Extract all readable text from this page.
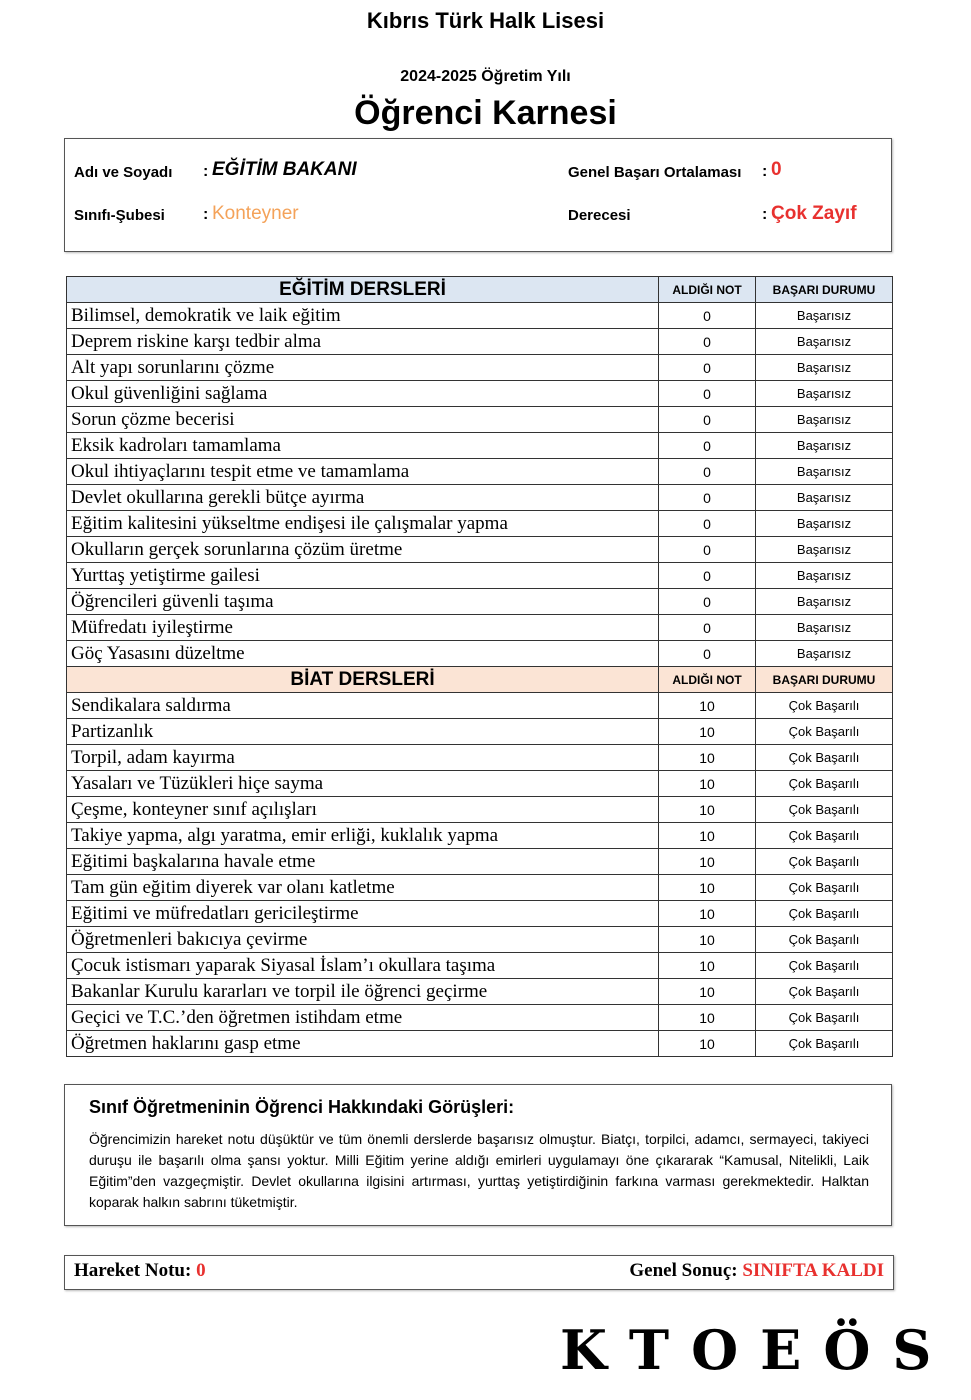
Kıbrıs Türk Halk Lisesi
2024-2025 Öğretim Yılı
Öğrenci Karnesi
Adı ve Soyadı : EĞİTİM BAKANI
Sınıfı-Şubesi : Konteyner
Genel Başarı Ortalaması : 0
Derecesi	: Çok Zayıf
EĞİTİM DERSLERİ	ALDIĞI NOT	BAŞARI DURUMU
Bilimsel, demokratik ve laik eğitim	0	Başarısız
Deprem riskine karşı tedbir alma	0	Başarısız
Alt yapı sorunlarını çözme	0	Başarısız
Okul güvenliğini sağlama	0	Başarısız
Sorun çözme becerisi	0	Başarısız
Eksik kadroları tamamlama	0	Başarısız
Okul ihtiyaçlarını tespit etme ve tamamlama	0	Başarısız
Devlet okullarına gerekli bütçe ayırma	0	Başarısız
Eğitim kalitesini yükseltme endişesi ile çalışmalar yapma	0	Başarısız
Okulların gerçek sorunlarına çözüm üretme	0	Başarısız
Yurttaş yetiştirme gailesi	0	Başarısız
Öğrencileri güvenli taşıma	0	Başarısız
Müfredatı iyileştirme	0	Başarısız
Göç Yasasını düzeltme	0	Başarısız
BİAT DERSLERİ	ALDIĞI NOT	BAŞARI DURUMU
Sendikalara saldırma	10	Çok Başarılı
Partizanlık	10	Çok Başarılı
Torpil, adam kayırma	10	Çok Başarılı
Yasaları ve Tüzükleri hiçe sayma	10	Çok Başarılı
Çeşme, konteyner sınıf açılışları	10	Çok Başarılı
Takiye yapma, algı yaratma, emir erliği, kuklalık yapma	10	Çok Başarılı
Eğitimi başkalarına havale etme	10	Çok Başarılı
Tam gün eğitim diyerek var olanı katletme	10	Çok Başarılı
Eğitimi ve müfredatları gericileştirme	10	Çok Başarılı
Öğretmenleri bakıcıya çevirme	10	Çok Başarılı
Çocuk istismarı yaparak Siyasal İslam’ı okullara taşıma	10	Çok Başarılı
Bakanlar Kurulu kararları ve torpil ile öğrenci geçirme	10	Çok Başarılı
Geçici ve T.C.’den öğretmen istihdam etme	10	Çok Başarılı
Öğretmen haklarını gasp etme	10	Çok Başarılı
Sınıf Öğretmeninin Öğrenci Hakkındaki Görüşleri:
Öğrencimizin hareket notu düşüktür ve tüm önemli derslerde başarısız olmuştur. Biatçı, torpilci, adamcı, sermayeci, takiyeci duruşu ile başarılı olma şansı yoktur. Milli Eğitim yerine aldığı emirleri uygulamayı öne çıkararak “Kamusal, Nitelikli, Laik Eğitim”den vazgeçmiştir. Devlet okullarına ilgisini artırması, yurttaş yetiştirdiğinin farkına varması gerekmektedir. Halktan koparak halkın sabrını tüketmiştir.
Hareket Notu: 0	Genel Sonuç: SINIFTA KALDI
KTOEÖS
